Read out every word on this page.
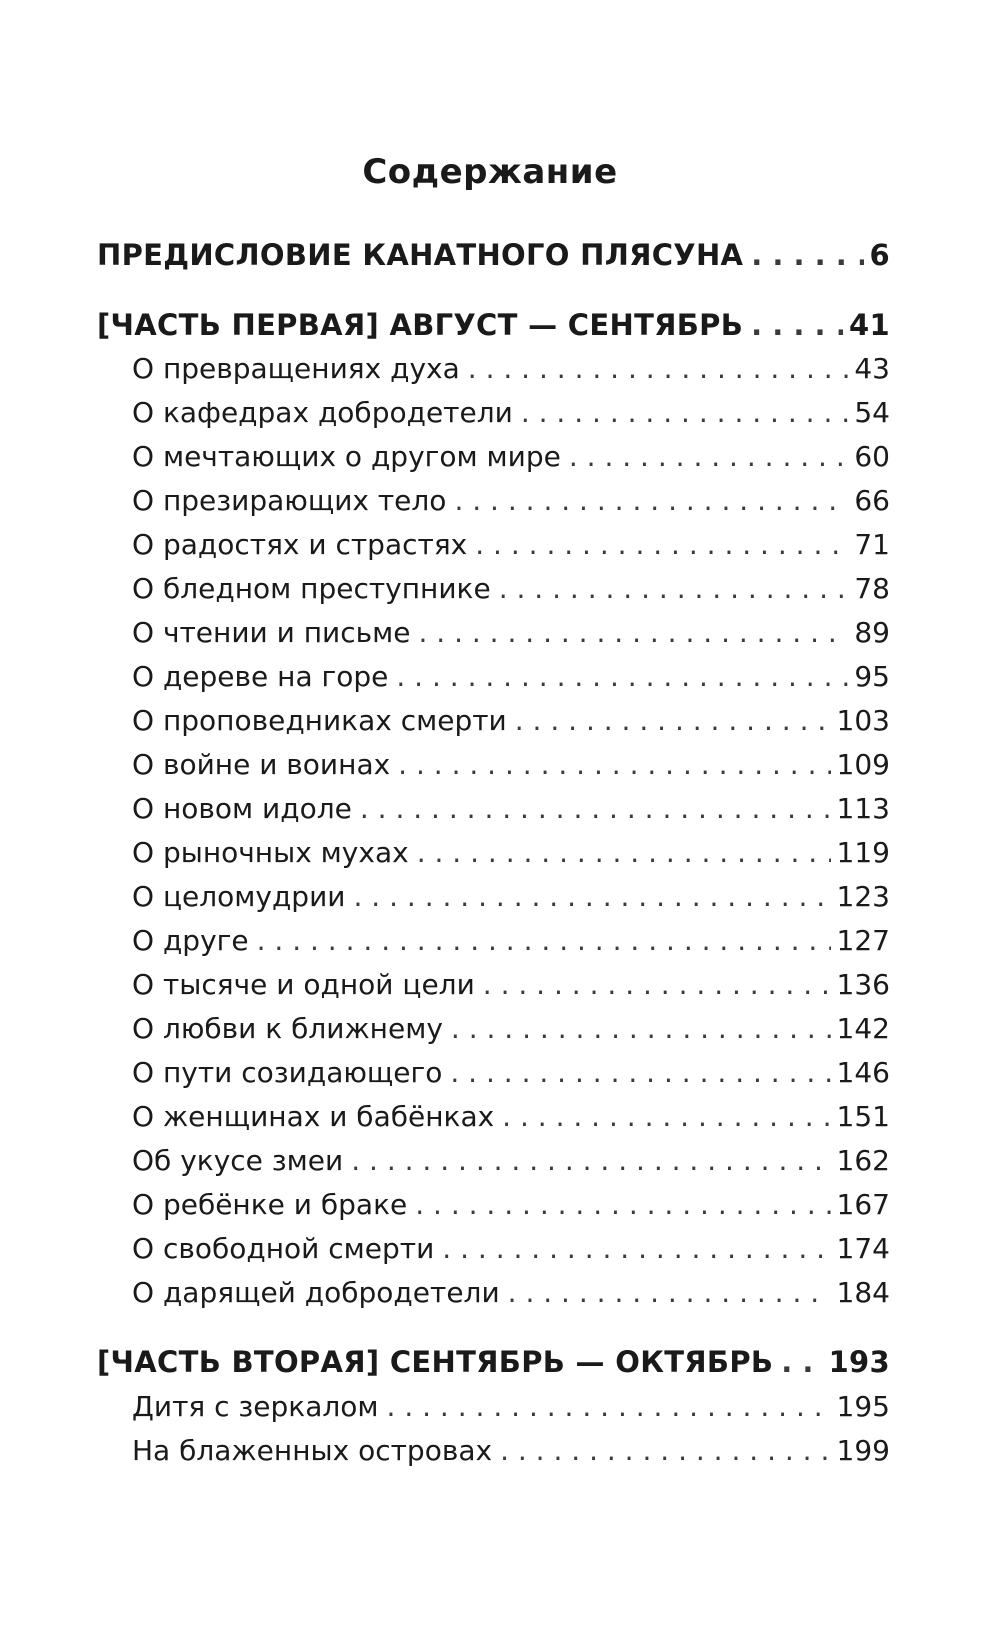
Содержание
ПРЕДИСЛОВИЕ КАНАТНОГО ПЛЯСУНА . . .	6
[ЧАСТЬ ПЕРВАЯ] АВГУСТ — СЕНТЯБРЬ . . .	41
О превращениях духа . . .	43
О кафедрах добродетели . . .	54
О мечтающих о другом мире . . .	60
О презирающих тело . . .	66
О радостях и страстях . . .	71
О бледном преступнике . . .	78
О чтении и письме . . .	89
О дереве на горе . . .	95
О проповедниках смерти . . .	103
О войне и воинах . . .	109
О новом идоле . . .	113
О рыночных мухах . . .	119
О целомудрии . . .	123
О друге . . .	127
О тысяче и одной цели . . .	136
О любви к ближнему . . .	142
О пути созидающего . . .	146
О женщинах и бабёнках . . .	151
Об укусе змеи . . .	162
О ребёнке и браке . . .	167
О свободной смерти . . .	174
О дарящей добродетели . . .	184
[ЧАСТЬ ВТОРАЯ] СЕНТЯБРЬ — ОКТЯБРЬ . . . 193
Дитя с зеркалом . . .	195
На блаженных островах . . .	199
